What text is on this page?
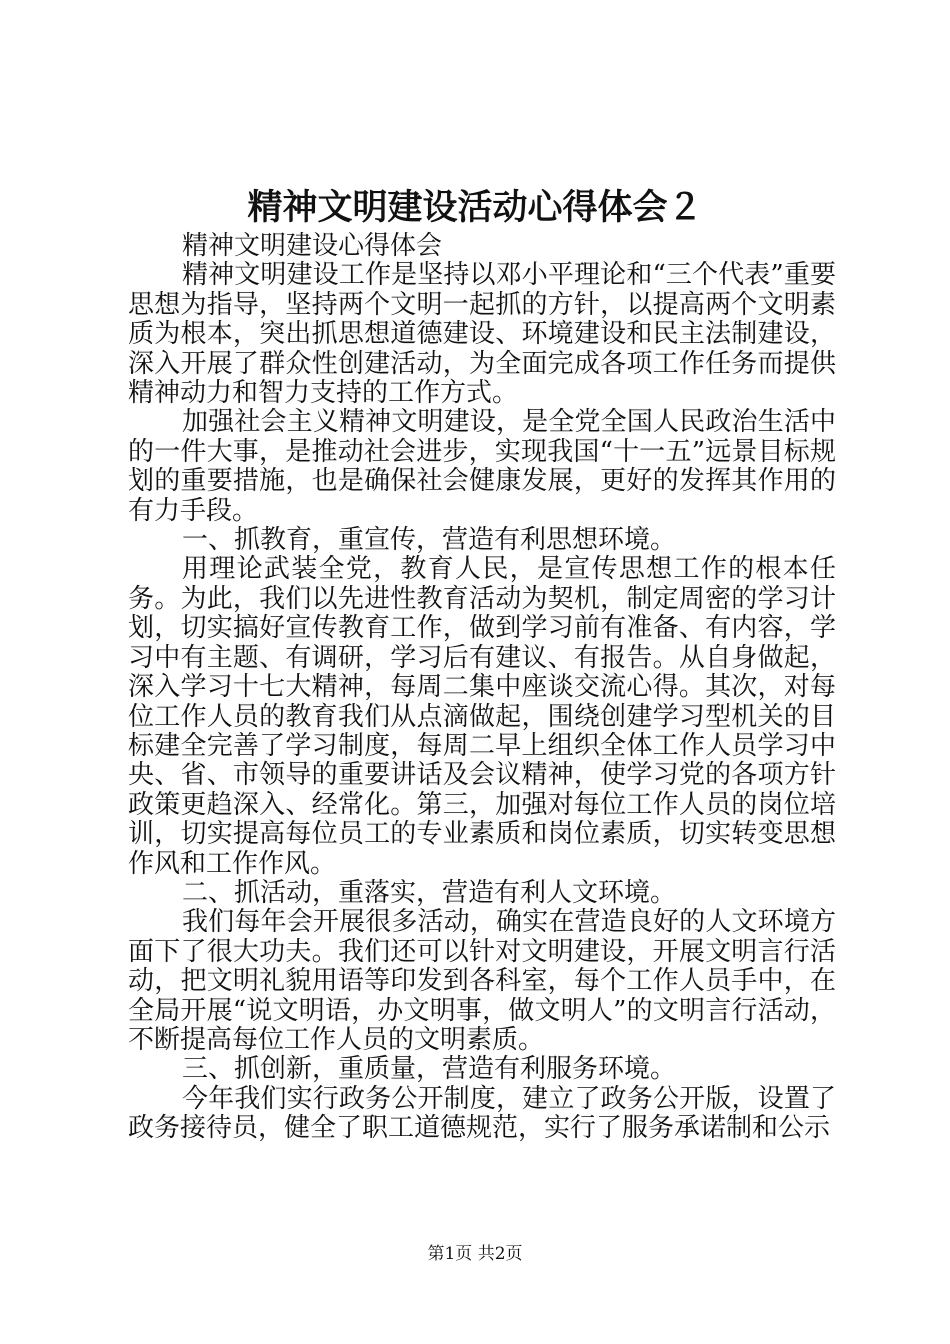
精神文明建设活动心得体会２

精神文明建设心得体会

精神文明建设工作是坚持以邓小平理论和“三个代表”重要思想为指导，坚持两个文明一起抓的方针，以提高两个文明素质为根本，突出抓思想道德建设、环境建设和民主法制建设，深入开展了群众性创建活动，为全面完成各项工作任务而提供精神动力和智力支持的工作方式。

加强社会主义精神文明建设，是全党全国人民政治生活中的一件大事，是推动社会进步，实现我国“十一五”远景目标规划的重要措施，也是确保社会健康发展，更好的发挥其作用的有力手段。

一、抓教育，重宣传，营造有利思想环境。

用理论武装全党，教育人民，是宣传思想工作的根本任务。为此，我们以先进性教育活动为契机，制定周密的学习计划，切实搞好宣传教育工作，做到学习前有准备、有内容，学习中有主题、有调研，学习后有建议、有报告。从自身做起，深入学习十七大精神，每周二集中座谈交流心得。其次，对每位工作人员的教育我们从点滴做起，围绕创建学习型机关的目标建全完善了学习制度，每周二早上组织全体工作人员学习中央、省、市领导的重要讲话及会议精神，使学习党的各项方针政策更趋深入、经常化。第三，加强对每位工作人员的岗位培训，切实提高每位员工的专业素质和岗位素质，切实转变思想作风和工作作风。

二、抓活动，重落实，营造有利人文环境。

我们每年会开展很多活动，确实在营造良好的人文环境方面下了很大功夫。我们还可以针对文明建设，开展文明言行活动，把文明礼貌用语等印发到各科室，每个工作人员手中，在全局开展“说文明语，办文明事，做文明人”的文明言行活动，不断提高每位工作人员的文明素质。

三、抓创新，重质量，营造有利服务环境。

今年我们实行政务公开制度，建立了政务公开版，设置了政务接待员，健全了职工道德规范，实行了服务承诺制和公示

第1页 共2页
